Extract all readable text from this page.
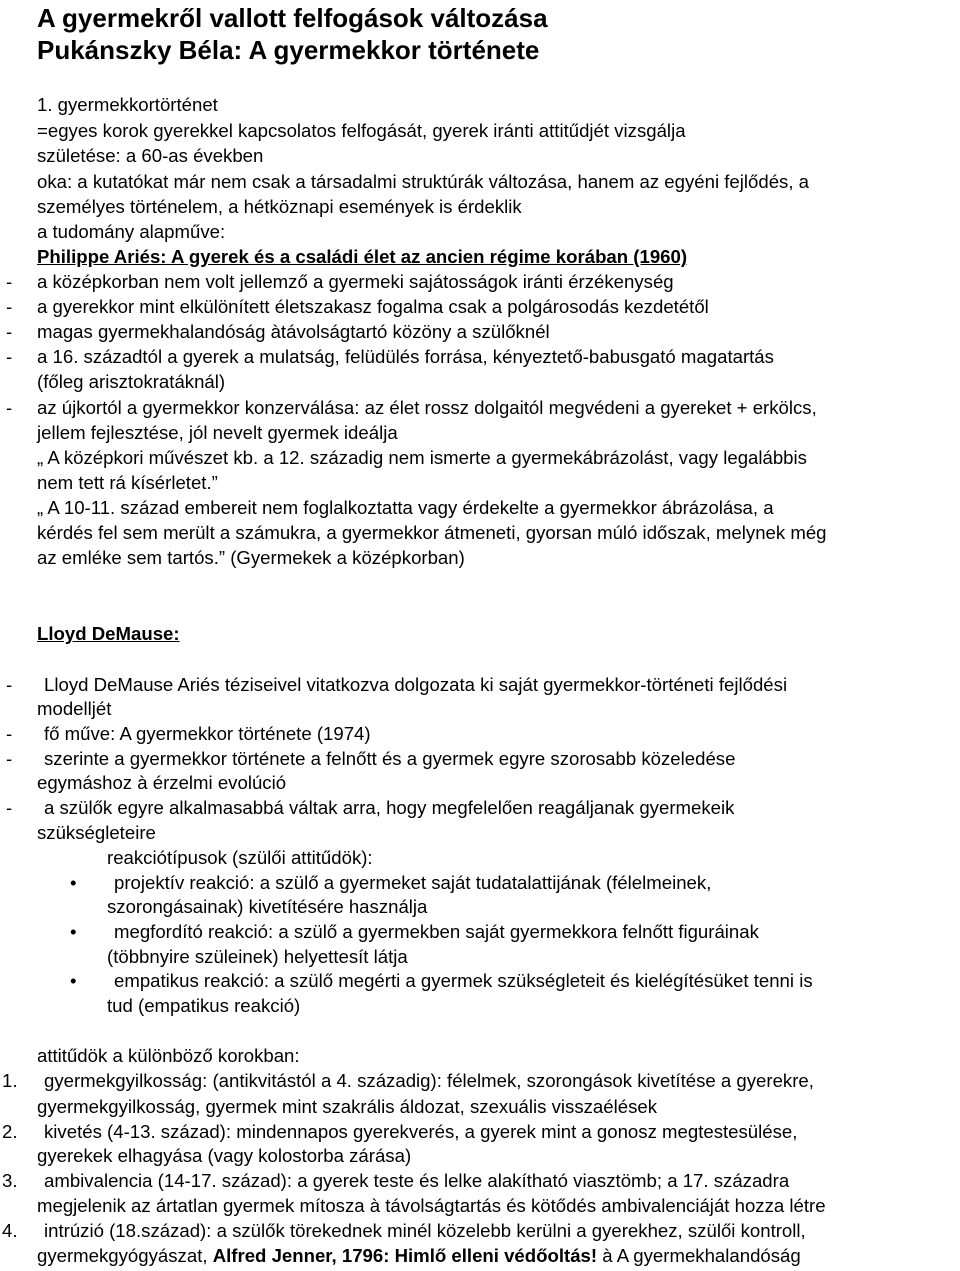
A gyermekről vallott felfogások változása
Pukánszky Béla: A gyermekkor története
1. gyermekkortörténet
=egyes korok gyerekkel kapcsolatos felfogását, gyerek iránti attitűdjét vizsgálja
születése: a 60-as években
oka: a kutatókat már nem csak a társadalmi struktúrák változása, hanem az egyéni fejlődés, a
személyes történelem, a hétköznapi események is érdeklik
a tudomány alapműve:
Philippe Ariés: A gyerek és a családi élet az ancien régime korában (1960)
- a középkorban nem volt jellemző a gyermeki sajátosságok iránti érzékenység
- a gyerekkor mint elkülönített életszakasz fogalma csak a polgárosodás kezdetétől
- magas gyermekhalandóság àtávolságtartó közöny a szülőknél
- a 16. századtól a gyerek a mulatság, felüdülés forrása, kényeztető-babusgató magatartás
(főleg arisztokratáknál)
- az újkortól a gyermekkor konzerválása: az élet rossz dolgaitól megvédeni a gyereket + erkölcs,
jellem fejlesztése, jól nevelt gyermek ideálja
„ A középkori művészet kb. a 12. századig nem ismerte a gyermekábrázolást, vagy legalábbis
nem tett rá kísérletet.”
„ A 10-11. század embereit nem foglalkoztatta vagy érdekelte a gyermekkor ábrázolása, a
kérdés fel sem merült a számukra, a gyermekkor átmeneti, gyorsan múló időszak, melynek még
az emléke sem tartós.” (Gyermekek a középkorban)
Lloyd DeMause:
- Lloyd DeMause Ariés téziseivel vitatkozva dolgozata ki saját gyermekkor-történeti fejlődési
modelljét
- fő műve: A gyermekkor története (1974)
- szerinte a gyermekkor története a felnőtt és a gyermek egyre szorosabb közeledése
egymáshoz à érzelmi evolúció
- a szülők egyre alkalmasabbá váltak arra, hogy megfelelően reagáljanak gyermekeik
szükségleteire
reakciótípusok (szülői attitűdök):
• projektív reakció: a szülő a gyermeket saját tudatalattijának (félelmeinek,
szorongásainak) kivetítésére használja
• megfordító reakció: a szülő a gyermekben saját gyermekkora felnőtt figuráinak
(többnyire szüleinek) helyettesít látja
• empatikus reakció: a szülő megérti a gyermek szükségleteit és kielégítésüket tenni is
tud (empatikus reakció)
attitűdök a különböző korokban:
1. gyermekgyilkosság: (antikvitástól a 4. századig): félelmek, szorongások kivetítése a gyerekre,
gyermekgyilkosság, gyermek mint szakrális áldozat, szexuális visszaélések
2. kivetés (4-13. század): mindennapos gyerekverés, a gyerek mint a gonosz megtestesülése,
gyerekek elhagyása (vagy kolostorba zárása)
3. ambivalencia (14-17. század): a gyerek teste és lelke alakítható viasztömb; a 17. századra
megjelenik az ártatlan gyermek mítosza à távolságtartás és kötődés ambivalenciáját hozza létre
4. intrúzió (18.század): a szülők törekednek minél közelebb kerülni a gyerekhez, szülői kontroll,
gyermekgyógyászat, Alfred Jenner, 1796: Himlő elleni védőoltás! à A gyermekhalandóság
